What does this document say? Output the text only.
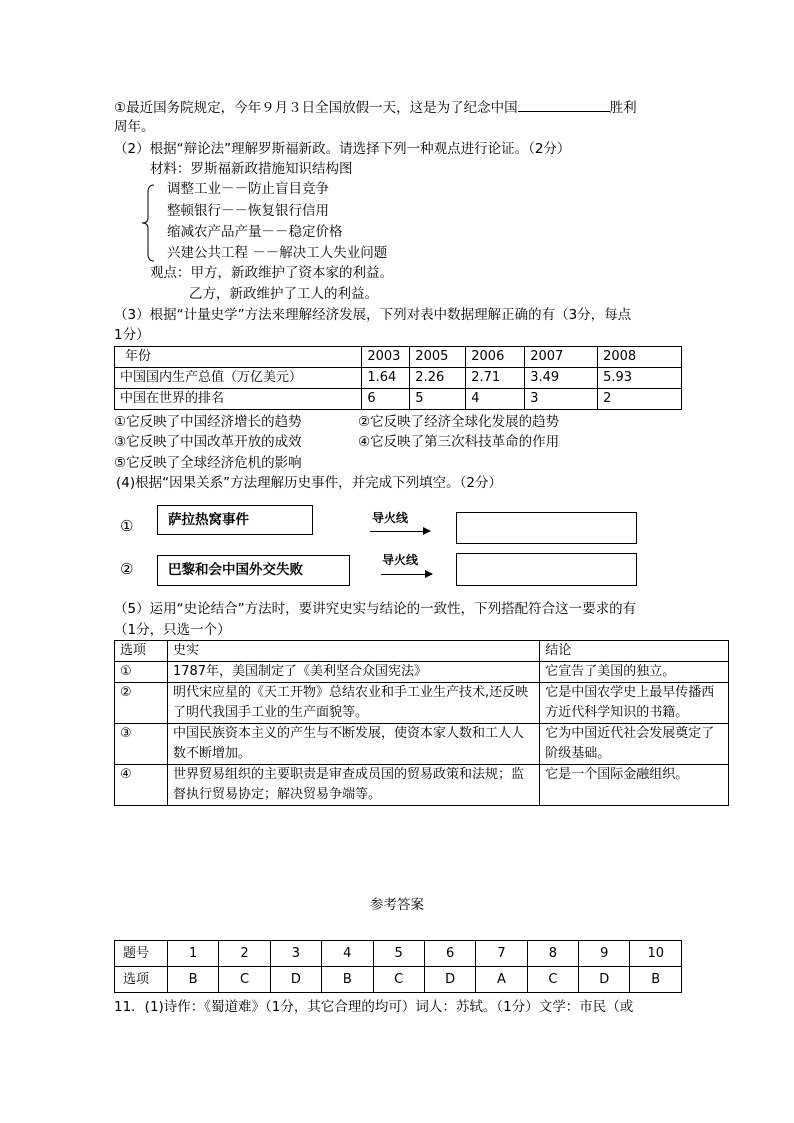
①最近国务院规定，今年９月３日全国放假一天，这是为了纪念中国	胜利
周年。
（2）根据“辩论法”理解罗斯福新政。请选择下列一种观点进行论证。（2分）
材料：罗斯福新政措施知识结构图
调整工业－－防止盲目竞争
整顿银行－－恢复银行信用
缩减农产品产量－－稳定价格
兴建公共工程 －－解决工人失业问题
观点：甲方，新政维护了资本家的利益。
乙方，新政维护了工人的利益。
（3）根据“计量史学”方法来理解经济发展，下列对表中数据理解正确的有（3分，每点
1分）
年份	2003	2005	2006	2007	2008
中国国内生产总值（万亿美元）	1.64	2.26	2.71	3.49	5.93
中国在世界的排名	6	5	4	3	2
①它反映了中国经济增长的趋势	②它反映了经济全球化发展的趋势
③它反映了中国改革开放的成效	④它反映了第三次科技革命的作用
⑤它反映了全球经济危机的影响
(4)根据“因果关系”方法理解历史事件，并完成下列填空。（2分）
①	萨拉热窝事件	导火线
②	巴黎和会中国外交失败
导火线
（5）运用“史论结合”方法时，要讲究史实与结论的一致性，下列搭配符合这一要求的有
（1分，只选一个）
选项	史实	结论
①	1787年，美国制定了《美利坚合众国宪法》	它宣告了美国的独立。
②	明代宋应星的《天工开物》总结农业和手工业生产技术,还反映了明代我国手工业的生产面貌等。	它是中国农学史上最早传播西方近代科学知识的书籍。
③	中国民族资本主义的产生与不断发展，使资本家人数和工人人数不断增加。	它为中国近代社会发展奠定了阶级基础。
④	世界贸易组织的主要职责是审查成员国的贸易政策和法规；监督执行贸易协定；解决贸易争端等。	它是一个国际金融组织。
参考答案
题号	1	2	3	4	5	6	7	8	9	10
选项	B	C	D	B	C	D	A	C	D	B
11．(1)诗作：《蜀道难》（1分，其它合理的均可）词人：苏轼。（1分）文学：市民（或
